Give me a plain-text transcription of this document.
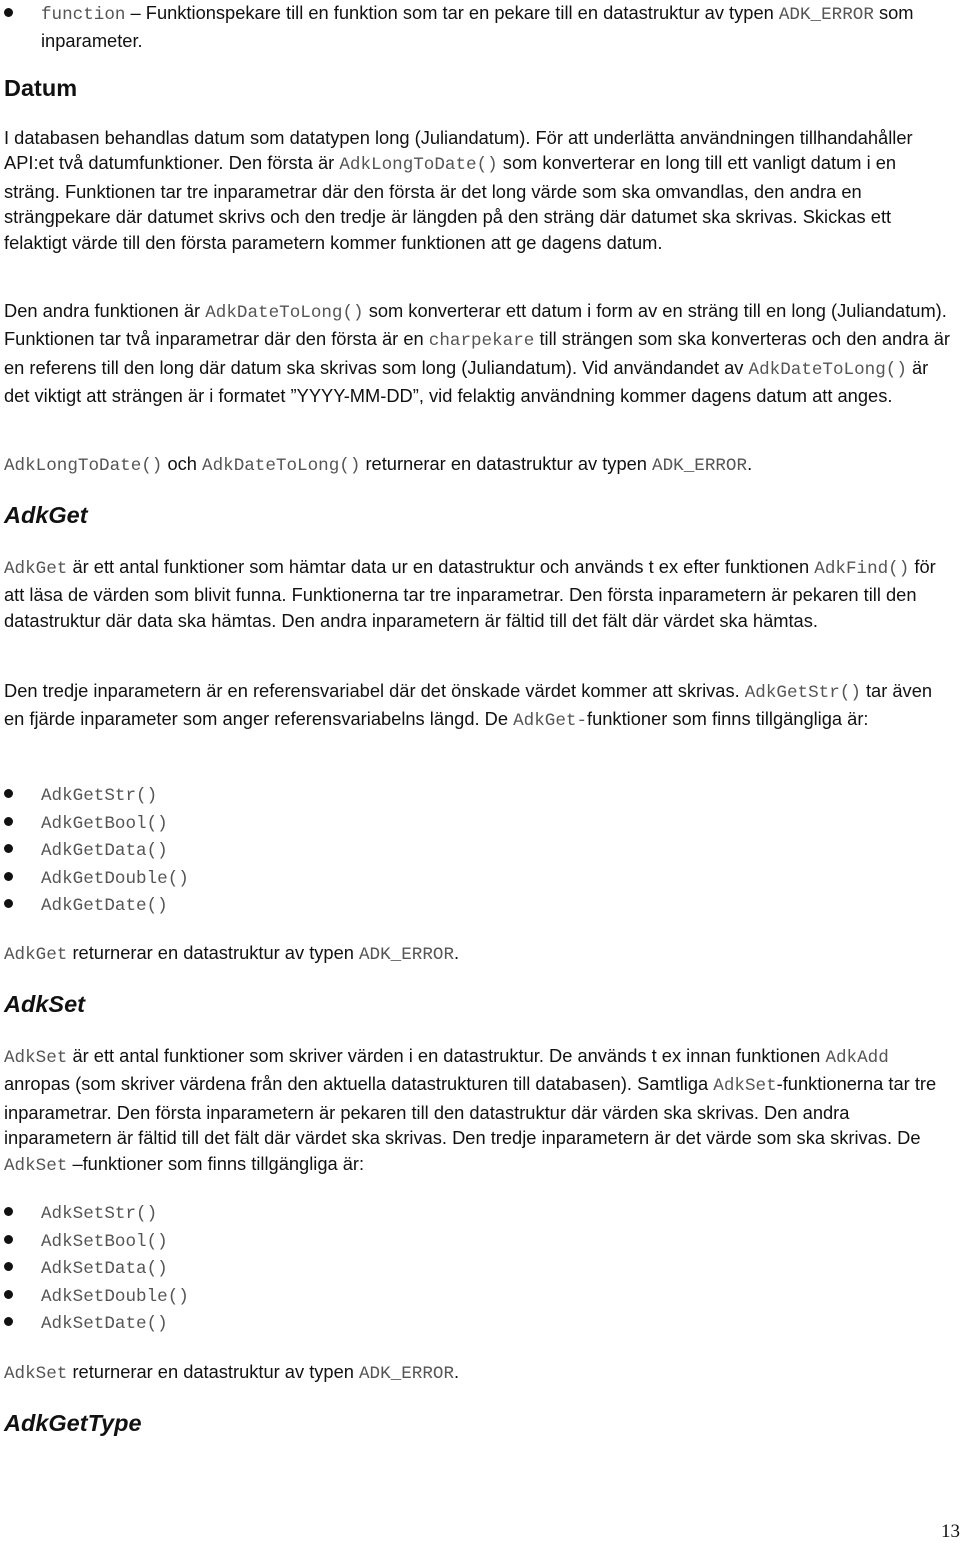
function – Funktionspekare till en funktion som tar en pekare till en datastruktur av typen ADK_ERROR som inparameter.
Datum

I databasen behandlas datum som datatypen long (Juliandatum). För att underlätta användningen tillhandahåller API:et två datumfunktioner. Den första är AdkLongToDate() som konverterar en long till ett vanligt datum i en sträng. Funktionen tar tre inparametrar där den första är det long värde som ska omvandlas, den andra en strängpekare där datumet skrivs och den tredje är längden på den sträng där datumet ska skrivas. Skickas ett felaktigt värde till den första parametern kommer funktionen att ge dagens datum.

Den andra funktionen är AdkDateToLong() som konverterar ett datum i form av en sträng till en long (Juliandatum). Funktionen tar två inparametrar där den första är en charpekare till strängen som ska konverteras och den andra är en referens till den long där datum ska skrivas som long (Juliandatum). Vid användandet av AdkDateToLong() är det viktigt att strängen är i formatet ”YYYY-MM-DD”, vid felaktig användning kommer dagens datum att anges.

AdkLongToDate() och AdkDateToLong() returnerar en datastruktur av typen ADK_ERROR.

AdkGet

AdkGet är ett antal funktioner som hämtar data ur en datastruktur och används t ex efter funktionen AdkFind() för att läsa de värden som blivit funna. Funktionerna tar tre inparametrar. Den första inparametern är pekaren till den datastruktur där data ska hämtas. Den andra inparametern är fältid till det fält där värdet ska hämtas.

Den tredje inparametern är en referensvariabel där det önskade värdet kommer att skrivas. AdkGetStr() tar även en fjärde inparameter som anger referensvariabelns längd. De AdkGet-funktioner som finns tillgängliga är:

AdkGetStr()
AdkGetBool()
AdkGetData()
AdkGetDouble()
AdkGetDate()

AdkGet returnerar en datastruktur av typen ADK_ERROR.

AdkSet

AdkSet är ett antal funktioner som skriver värden i en datastruktur. De används t ex innan funktionen AdkAdd anropas (som skriver värdena från den aktuella datastrukturen till databasen). Samtliga AdkSet-funktionerna tar tre inparametrar. Den första inparametern är pekaren till den datastruktur där värden ska skrivas. Den andra inparametern är fältid till det fält där värdet ska skrivas. Den tredje inparametern är det värde som ska skrivas. De AdkSet –funktioner som finns tillgängliga är:

AdkSetStr()
AdkSetBool()
AdkSetData()
AdkSetDouble()
AdkSetDate()

AdkSet returnerar en datastruktur av typen ADK_ERROR.

AdkGetType
13
